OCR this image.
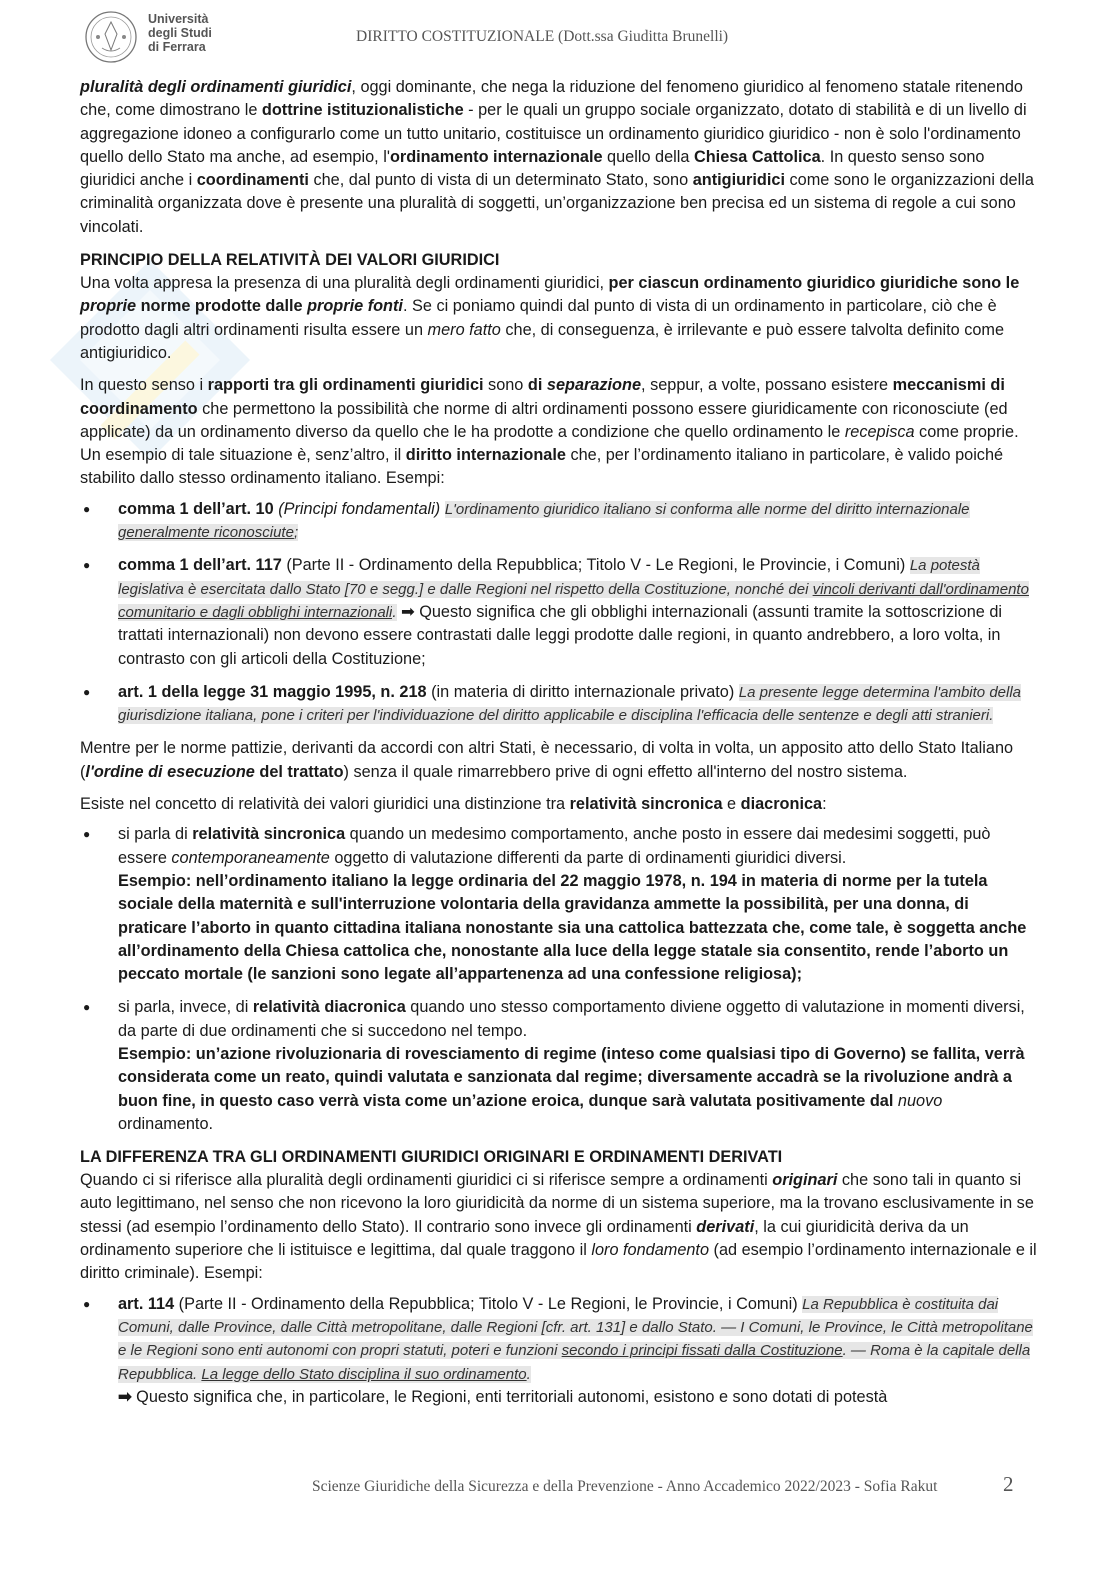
Università
degli Studi
di Ferrara
DIRITTO COSTITUZIONALE (Dott.ssa Giuditta Brunelli)

pluralità degli ordinamenti giuridici, oggi dominante, che nega la riduzione del fenomeno giuridico al fenomeno statale ritenendo che, come dimostrano le dottrine istituzionalistiche - per le quali un gruppo sociale organizzato, dotato di stabilità e di un livello di aggregazione idoneo a configurarlo come un tutto unitario, costituisce un ordinamento giuridico giuridico - non è solo l'ordinamento quello dello Stato ma anche, ad esempio, l'ordinamento internazionale quello della Chiesa Cattolica. In questo senso sono giuridici anche i coordinamenti che, dal punto di vista di un determinato Stato, sono antigiuridici come sono le organizzazioni della criminalità organizzata dove è presente una pluralità di soggetti, un’organizzazione ben precisa ed un sistema di regole a cui sono vincolati.

PRINCIPIO DELLA RELATIVITÀ DEI VALORI GIURIDICI

Una volta appresa la presenza di una pluralità degli ordinamenti giuridici, per ciascun ordinamento giuridico giuridiche sono le proprie norme prodotte dalle proprie fonti. Se ci poniamo quindi dal punto di vista di un ordinamento in particolare, ciò che è prodotto dagli altri ordinamenti risulta essere un mero fatto che, di conseguenza, è irrilevante e può essere talvolta definito come antigiuridico.

In questo senso i rapporti tra gli ordinamenti giuridici sono di separazione, seppur, a volte, possano esistere meccanismi di coordinamento che permettono la possibilità che norme di altri ordinamenti possono essere giuridicamente con riconosciute (ed applicate) da un ordinamento diverso da quello che le ha prodotte a condizione che quello ordinamento le recepisca come proprie. Un esempio di tale situazione è, senz’altro, il diritto internazionale che, per l’ordinamento italiano in particolare, è valido poiché stabilito dallo stesso ordinamento italiano. Esempi:

● comma 1 dell’art. 10 (Principi fondamentali) L'ordinamento giuridico italiano si conforma alle norme del diritto internazionale generalmente riconosciute;
● comma 1 dell’art. 117 (Parte II - Ordinamento della Repubblica; Titolo V - Le Regioni, le Provincie, i Comuni) La potestà legislativa è esercitata dallo Stato [70 e segg.] e dalle Regioni nel rispetto della Costituzione, nonché dei vincoli derivanti dall'ordinamento comunitario e dagli obblighi internazionali. ➡ Questo significa che gli obblighi internazionali (assunti tramite la sottoscrizione di trattati internazionali) non devono essere contrastati dalle leggi prodotte dalle regioni, in quanto andrebbero, a loro volta, in contrasto con gli articoli della Costituzione;
● art. 1 della legge 31 maggio 1995, n. 218 (in materia di diritto internazionale privato) La presente legge determina l'ambito della giurisdizione italiana, pone i criteri per l'individuazione del diritto applicabile e disciplina l'efficacia delle sentenze e degli atti stranieri.

Mentre per le norme pattizie, derivanti da accordi con altri Stati, è necessario, di volta in volta, un apposito atto dello Stato Italiano (l'ordine di esecuzione del trattato) senza il quale rimarrebbero prive di ogni effetto all'interno del nostro sistema.

Esiste nel concetto di relatività dei valori giuridici una distinzione tra relatività sincronica e diacronica:

● si parla di relatività sincronica quando un medesimo comportamento, anche posto in essere dai medesimi soggetti, può essere contemporaneamente oggetto di valutazione differenti da parte di ordinamenti giuridici diversi.
Esempio: nell’ordinamento italiano la legge ordinaria del 22 maggio 1978, n. 194 in materia di norme per la tutela sociale della maternità e sull'interruzione volontaria della gravidanza ammette la possibilità, per una donna, di praticare l’aborto in quanto cittadina italiana nonostante sia una cattolica battezzata che, come tale, è soggetta anche all’ordinamento della Chiesa cattolica che, nonostante alla luce della legge statale sia consentito, rende l’aborto un peccato mortale (le sanzioni sono legate all’appartenenza ad una confessione religiosa);
● si parla, invece, di relatività diacronica quando uno stesso comportamento diviene oggetto di valutazione in momenti diversi, da parte di due ordinamenti che si succedono nel tempo.
Esempio: un’azione rivoluzionaria di rovesciamento di regime (inteso come qualsiasi tipo di Governo) se fallita, verrà considerata come un reato, quindi valutata e sanzionata dal regime; diversamente accadrà se la rivoluzione andrà a buon fine, in questo caso verrà vista come un’azione eroica, dunque sarà valutata positivamente dal nuovo ordinamento.
LA DIFFERENZA TRA GLI ORDINAMENTI GIURIDICI ORIGINARI E ORDINAMENTI DERIVATI

Quando ci si riferisce alla pluralità degli ordinamenti giuridici ci si riferisce sempre a ordinamenti originari che sono tali in quanto si auto legittimano, nel senso che non ricevono la loro giuridicità da norme di un sistema superiore, ma la trovano esclusivamente in se stessi (ad esempio l’ordinamento dello Stato). Il contrario sono invece gli ordinamenti derivati, la cui giuridicità deriva da un ordinamento superiore che li istituisce e legittima, dal quale traggono il loro fondamento (ad esempio l’ordinamento internazionale e il diritto criminale). Esempi:

● art. 114 (Parte II - Ordinamento della Repubblica; Titolo V - Le Regioni, le Provincie, i Comuni) La Repubblica è costituita dai Comuni, dalle Province, dalle Città metropolitane, dalle Regioni [cfr. art. 131] e dallo Stato. — I Comuni, le Province, le Città metropolitane e le Regioni sono enti autonomi con propri statuti, poteri e funzioni secondo i principi fissati dalla Costituzione. — Roma è la capitale della Repubblica. La legge dello Stato disciplina il suo ordinamento.
➡ Questo significa che, in particolare, le Regioni, enti territoriali autonomi, esistono e sono dotati di potestà
Scienze Giuridiche della Sicurezza e della Prevenzione - Anno Accademico 2022/2023 - Sofia Rakut	2
